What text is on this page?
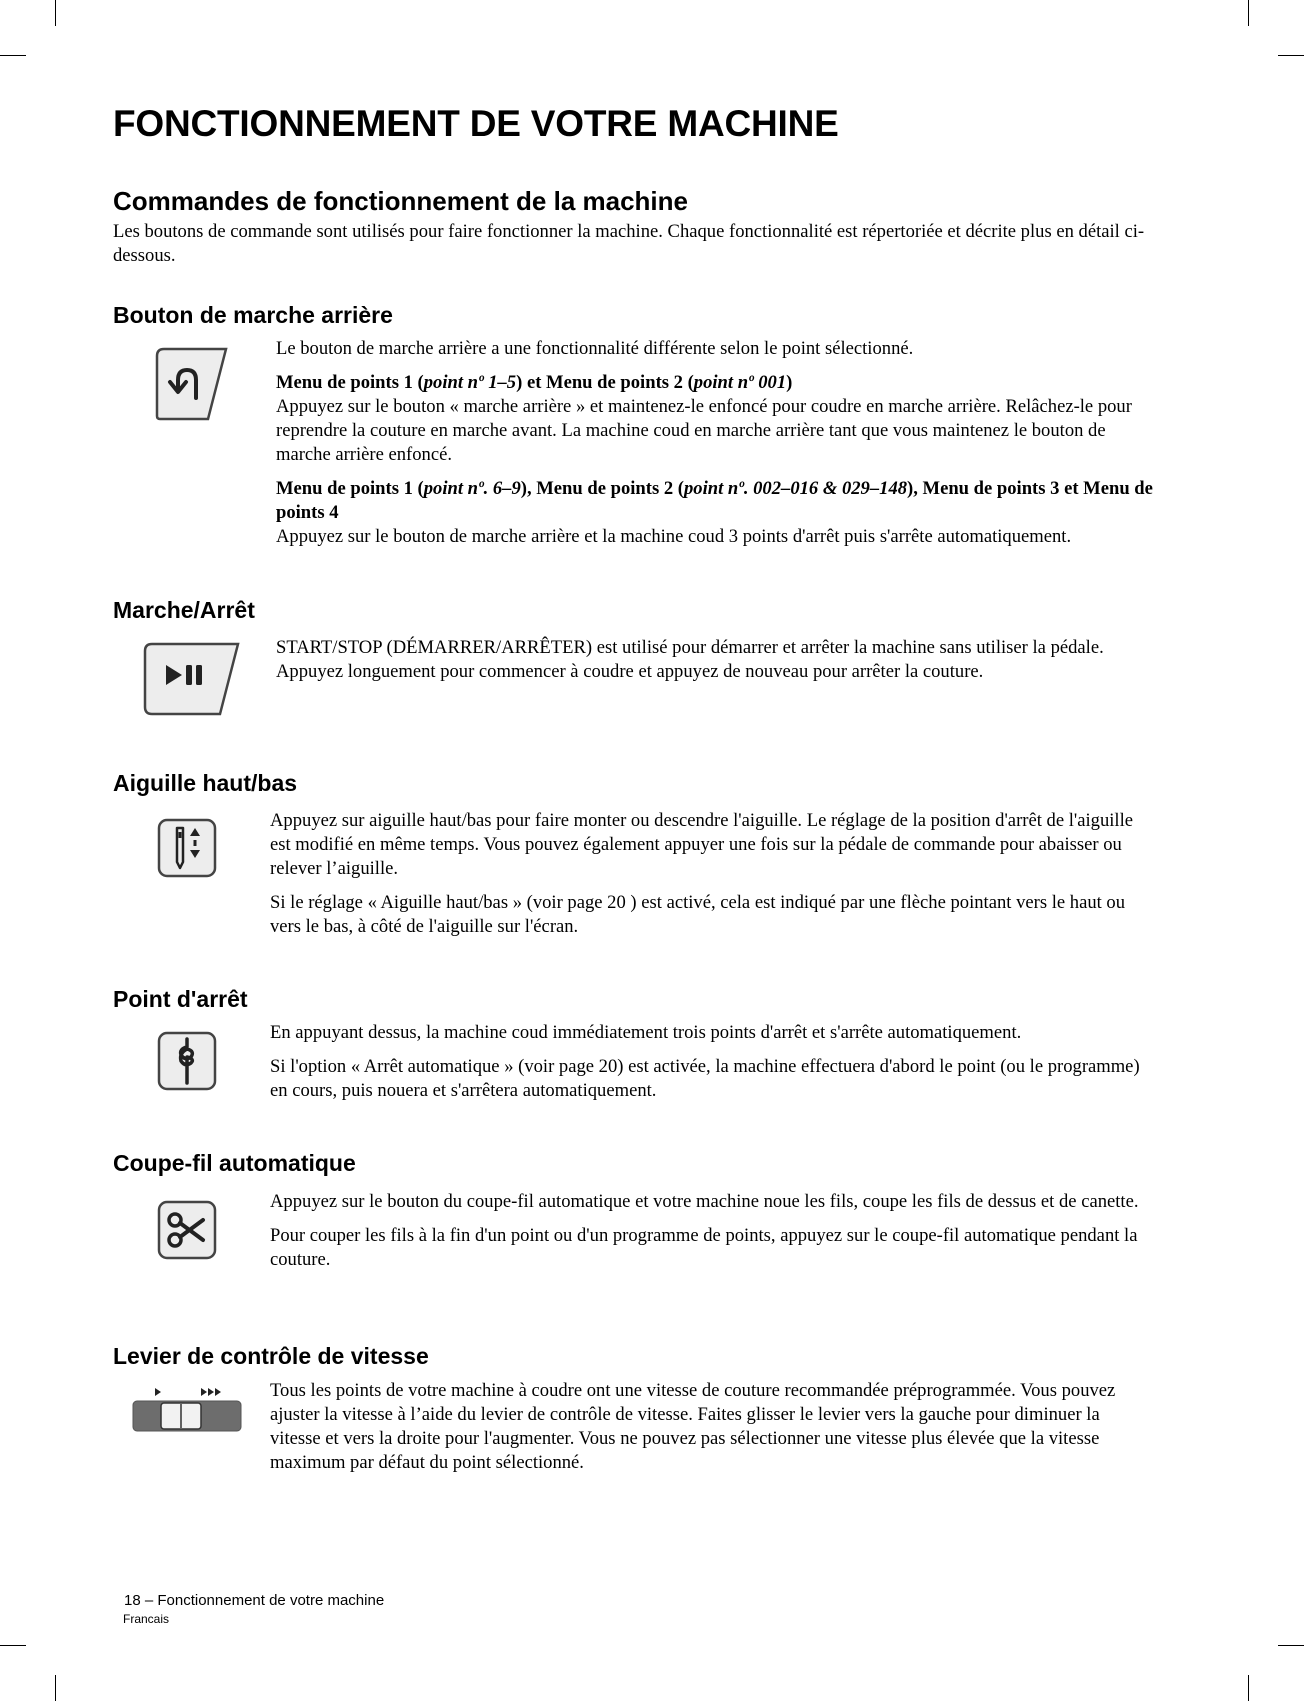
FONCTIONNEMENT DE VOTRE MACHINE
Commandes de fonctionnement de la machine
Les boutons de commande sont utilisés pour faire fonctionner la machine. Chaque fonctionnalité est répertoriée et décrite plus en détail ci-dessous.
Bouton de marche arrière

Le bouton de marche arrière a une fonctionnalité différente selon le point sélectionné.

Menu de points 1 (point nº 1–5) et Menu de points 2 (point nº 001)
Appuyez sur le bouton « marche arrière » et maintenez-le enfoncé pour coudre en marche arrière. Relâchez-le pour reprendre la couture en marche avant. La machine coud en marche arrière tant que vous maintenez le bouton de marche arrière enfoncé.

Menu de points 1 (point nº. 6–9), Menu de points 2 (point nº. 002–016 & 029–148), Menu de points 3 et Menu de points 4
Appuyez sur le bouton de marche arrière et la machine coud 3 points d'arrêt puis s'arrête automatiquement.

Marche/Arrêt

START/STOP (DÉMARRER/ARRÊTER) est utilisé pour démarrer et arrêter la machine sans utiliser la pédale. Appuyez longuement pour commencer à coudre et appuyez de nouveau pour arrêter la couture.

Aiguille haut/bas

Appuyez sur aiguille haut/bas pour faire monter ou descendre l'aiguille. Le réglage de la position d'arrêt de l'aiguille est modifié en même temps. Vous pouvez également appuyer une fois sur la pédale de commande pour abaisser ou relever l’aiguille.

Si le réglage « Aiguille haut/bas » (voir page 20 ) est activé, cela est indiqué par une flèche pointant vers le haut ou vers le bas, à côté de l'aiguille sur l'écran.

Point d'arrêt

En appuyant dessus, la machine coud immédiatement trois points d'arrêt et s'arrête automatiquement.

Si l'option « Arrêt automatique » (voir page 20) est activée, la machine effectuera d'abord le point (ou le programme) en cours, puis nouera et s'arrêtera automatiquement.

Coupe-fil automatique

Appuyez sur le bouton du coupe-fil automatique et votre machine noue les fils, coupe les fils de dessus et de canette.

Pour couper les fils à la fin d'un point ou d'un programme de points, appuyez sur le coupe-fil automatique pendant la couture.

Levier de contrôle de vitesse

Tous les points de votre machine à coudre ont une vitesse de couture recommandée préprogrammée. Vous pouvez ajuster la vitesse à l’aide du levier de contrôle de vitesse. Faites glisser le levier vers la gauche pour diminuer la vitesse et vers la droite pour l'augmenter. Vous ne pouvez pas sélectionner une vitesse plus élevée que la vitesse maximum par défaut du point sélectionné.

18 – Fonctionnement de votre machine
Francais
